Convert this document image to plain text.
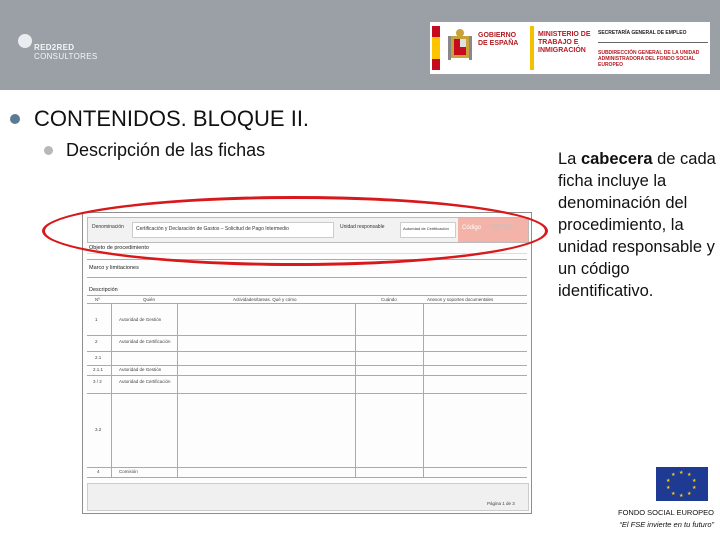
RED2RED
CONSULTORES
GOBIERNO DE ESPAÑA
MINISTERIO DE TRABAJO E INMIGRACIÓN
SECRETARÍA GENERAL DE EMPLEO
SUBDIRECCIÓN GENERAL DE LA UNIDAD ADMINISTRADORA DEL FONDO SOCIAL EUROPEO
CONTENIDOS. BLOQUE II.
Descripción de las fichas	La cabecera de cada ficha incluye la denominación del procedimiento, la unidad responsable y un código identificativo.
Denominación Certificación y Declaración de Gastos – Solicitud de Pago Intermedio	Unidad responsable	Autoridad de Certificación Código CRT-INT
Objeto de procedimiento
Marco y limitaciones
Descripción
Nº	Quién	Actividades/tareas. Qué y cómo	Cuándo	Anexos y soportes documentales
1	Autoridad de Gestión
2	Autoridad de Certificación
2.1
2.1.1	Autoridad de Gestión
3 / 2	Autoridad de Certificación
3.2
4	Comisión
Página 1 de 3
★ ★
★
★
★
★
★
★
★
★
FONDO SOCIAL EUROPEO
“El FSE invierte en tu futuro”
